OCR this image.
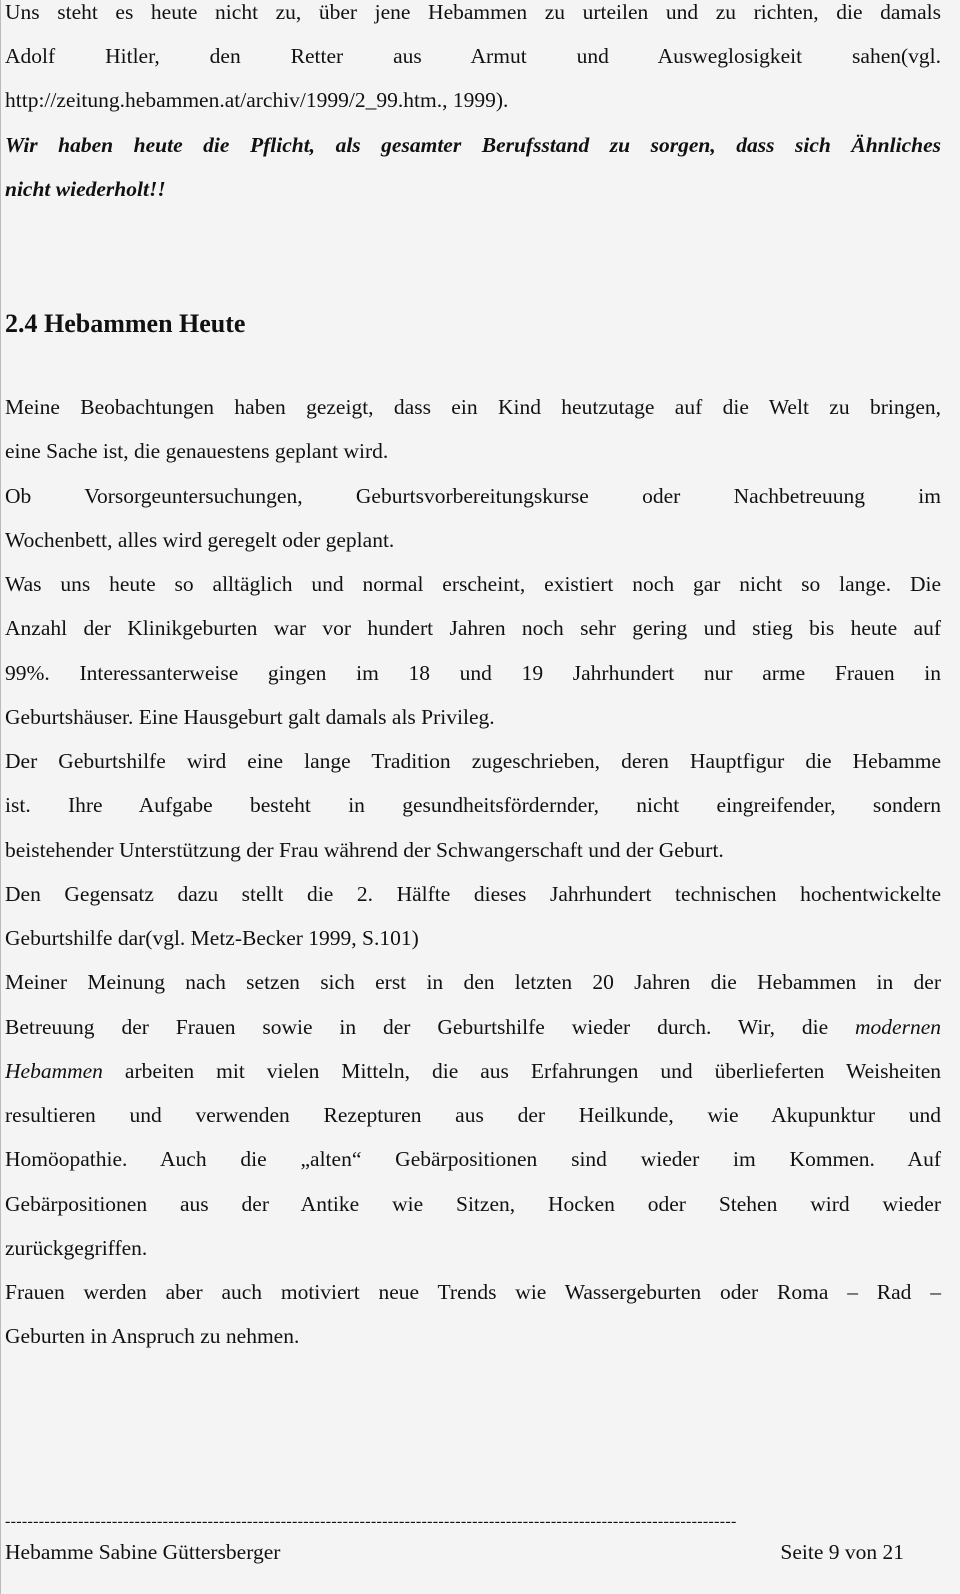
Uns steht es heute nicht zu, über jene Hebammen zu urteilen und zu richten, die damals
Adolf Hitler, den Retter aus Armut und Ausweglosigkeit sahen(vgl.
http://zeitung.hebammen.at/archiv/1999/2_99.htm., 1999).
Wir haben heute die Pflicht, als gesamter Berufsstand zu sorgen, dass sich Ähnliches
nicht wiederholt!!
2.4 Hebammen Heute
Meine Beobachtungen haben gezeigt, dass ein Kind heutzutage auf die Welt zu bringen,
eine Sache ist, die genauestens geplant wird.
Ob Vorsorgeuntersuchungen, Geburtsvorbereitungskurse oder Nachbetreuung im
Wochenbett, alles wird geregelt oder geplant.
Was uns heute so alltäglich und normal erscheint, existiert noch gar nicht so lange. Die
Anzahl der Klinikgeburten war vor hundert Jahren noch sehr gering und stieg bis heute auf
99%. Interessanterweise gingen im 18 und 19 Jahrhundert nur arme Frauen in
Geburtshäuser. Eine Hausgeburt galt damals als Privileg.
Der Geburtshilfe wird eine lange Tradition zugeschrieben, deren Hauptfigur die Hebamme
ist. Ihre Aufgabe besteht in gesundheitsfördernder, nicht eingreifender, sondern
beistehender Unterstützung der Frau während der Schwangerschaft und der Geburt.
Den Gegensatz dazu stellt die 2. Hälfte dieses Jahrhundert technischen hochentwickelte
Geburtshilfe dar(vgl. Metz-Becker 1999, S.101)
Meiner Meinung nach setzen sich erst in den letzten 20 Jahren die Hebammen in der
Betreuung der Frauen sowie in der Geburtshilfe wieder durch. Wir, die modernen
Hebammen arbeiten mit vielen Mitteln, die aus Erfahrungen und überlieferten Weisheiten
resultieren und verwenden Rezepturen aus der Heilkunde, wie Akupunktur und
Homöopathie. Auch die „alten“ Gebärpositionen sind wieder im Kommen. Auf
Gebärpositionen aus der Antike wie Sitzen, Hocken oder Stehen wird wieder
zurückgegriffen.
Frauen werden aber auch motiviert neue Trends wie Wassergeburten oder Roma – Rad –
Geburten in Anspruch zu nehmen.
----------------------------------------------------------------------------------------------------------------------------------
Hebamme Sabine Güttersberger	Seite 9 von 21
